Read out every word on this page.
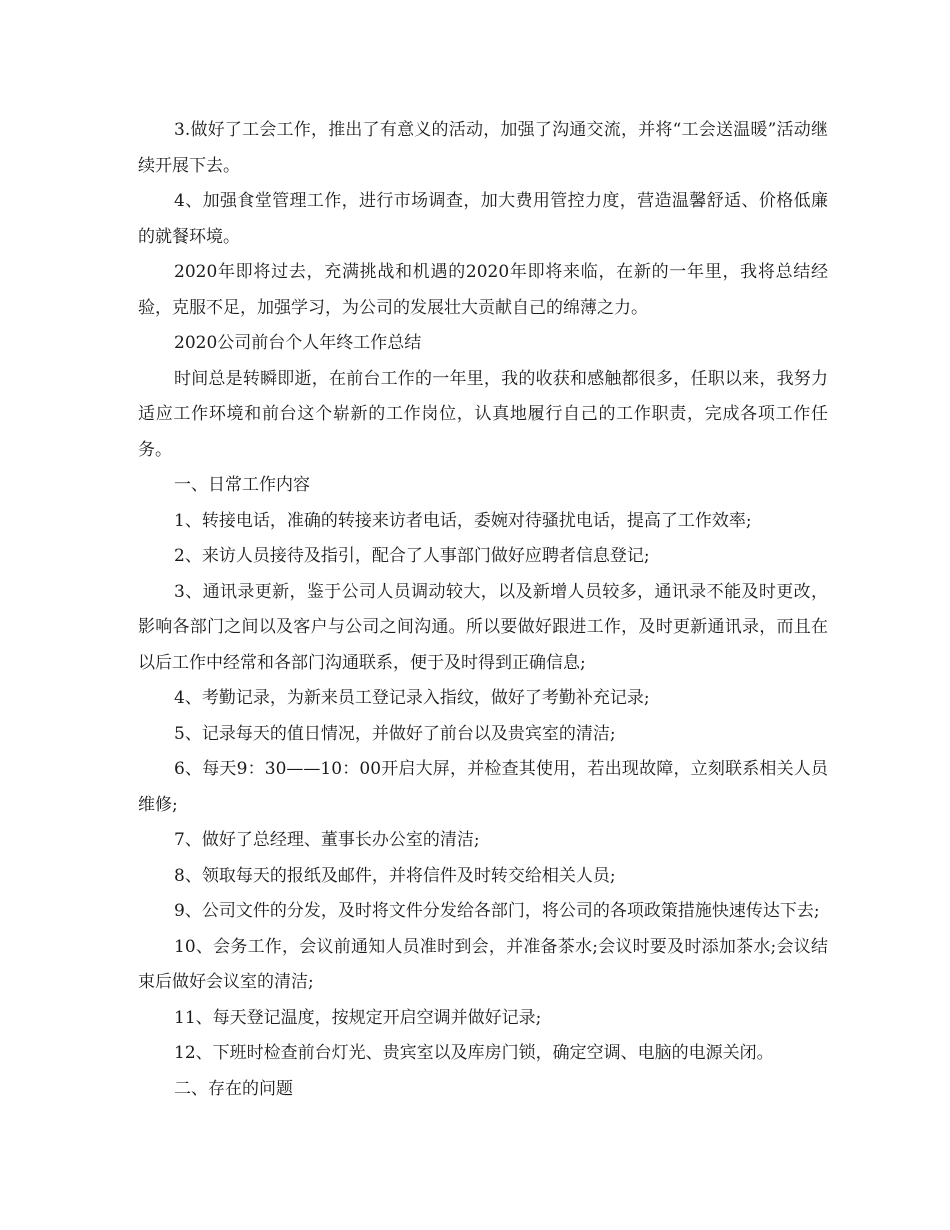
3.做好了工会工作，推出了有意义的活动，加强了沟通交流，并将“工会送温暖”活动继续开展下去。

4、加强食堂管理工作，进行市场调查，加大费用管控力度，营造温馨舒适、价格低廉的就餐环境。

2020年即将过去，充满挑战和机遇的2020年即将来临，在新的一年里，我将总结经验，克服不足，加强学习，为公司的发展壮大贡献自己的绵薄之力。

2020公司前台个人年终工作总结

时间总是转瞬即逝，在前台工作的一年里，我的收获和感触都很多，任职以来，我努力适应工作环境和前台这个崭新的工作岗位，认真地履行自己的工作职责，完成各项工作任务。

一、日常工作内容

1、转接电话，准确的转接来访者电话，委婉对待骚扰电话，提高了工作效率;

2、来访人员接待及指引，配合了人事部门做好应聘者信息登记;

3、通讯录更新，鉴于公司人员调动较大，以及新增人员较多，通讯录不能及时更改，影响各部门之间以及客户与公司之间沟通。所以要做好跟进工作，及时更新通讯录，而且在以后工作中经常和各部门沟通联系，便于及时得到正确信息;

4、考勤记录，为新来员工登记录入指纹，做好了考勤补充记录;

5、记录每天的值日情况，并做好了前台以及贵宾室的清洁;

6、每天9：30——10：00开启大屏，并检查其使用，若出现故障，立刻联系相关人员维修;

7、做好了总经理、董事长办公室的清洁;

8、领取每天的报纸及邮件，并将信件及时转交给相关人员;

9、公司文件的分发，及时将文件分发给各部门，将公司的各项政策措施快速传达下去;

10、会务工作，会议前通知人员准时到会，并准备茶水;会议时要及时添加茶水;会议结束后做好会议室的清洁;

11、每天登记温度，按规定开启空调并做好记录;

12、下班时检查前台灯光、贵宾室以及库房门锁，确定空调、电脑的电源关闭。

二、存在的问题
